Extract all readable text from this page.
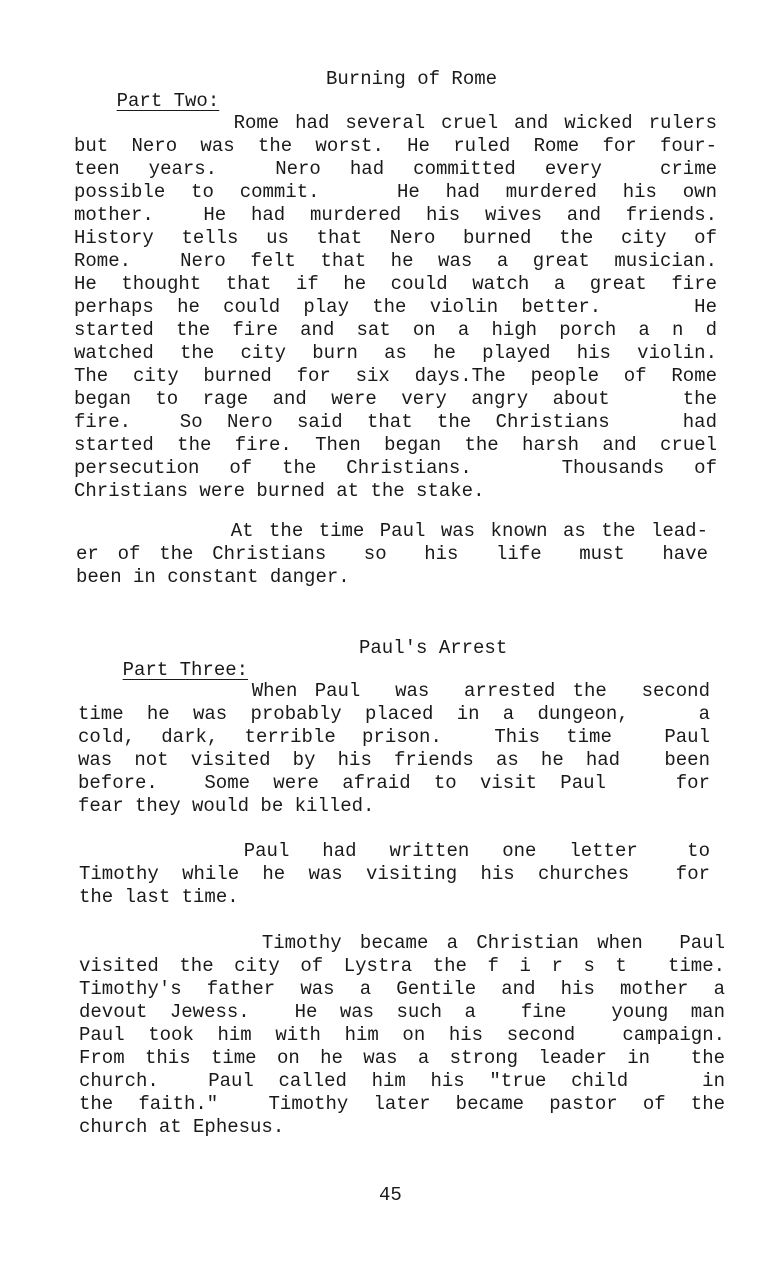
Part Two:

Burning of Rome

Rome had several cruel and wicked rulers
but Nero was the worst. He ruled Rome for four-
teen years.  Nero had committed every  crime
possible to commit.   He had murdered his own
mother.  He had murdered his wives and friends.
History tells us that Nero burned the city of
Rome.  Nero felt that he was a great musician.
He thought that if he could watch a great fire
perhaps he could play the violin better.    He
started the fire and sat on a high porch a n d
watched the city burn as he played his violin.
The city burned for six days.The people of Rome
began to rage and were very angry about   the
fire.  So Nero said that the Christians   had
started the fire. Then began the harsh and cruel
persecution of the Christians.   Thousands of
Christians were burned at the stake.
At the time Paul was known as the lead-
er of the Christians  so  his  life  must  have
been in constant danger.

Part Three:

Paul's Arrest

When Paul  was  arrested the  second
time he was probably placed in a dungeon,   a
cold, dark, terrible prison.  This time  Paul
was not visited by his friends as he had  been
before.  Some were afraid to visit Paul   for
fear they would be killed.
Paul  had  written  one  letter   to
Timothy while he was visiting his churches  for
the last time.
Timothy became a Christian when  Paul
visited the city of Lystra the f i r s t  time.
Timothy's father was a Gentile and his mother a
devout Jewess.  He was such a  fine  young man
Paul took him with him on his second  campaign.
From this time on he was a strong leader in  the
church.  Paul called him his "true child   in
the faith."  Timothy later became pastor of the
church at Ephesus.
45
